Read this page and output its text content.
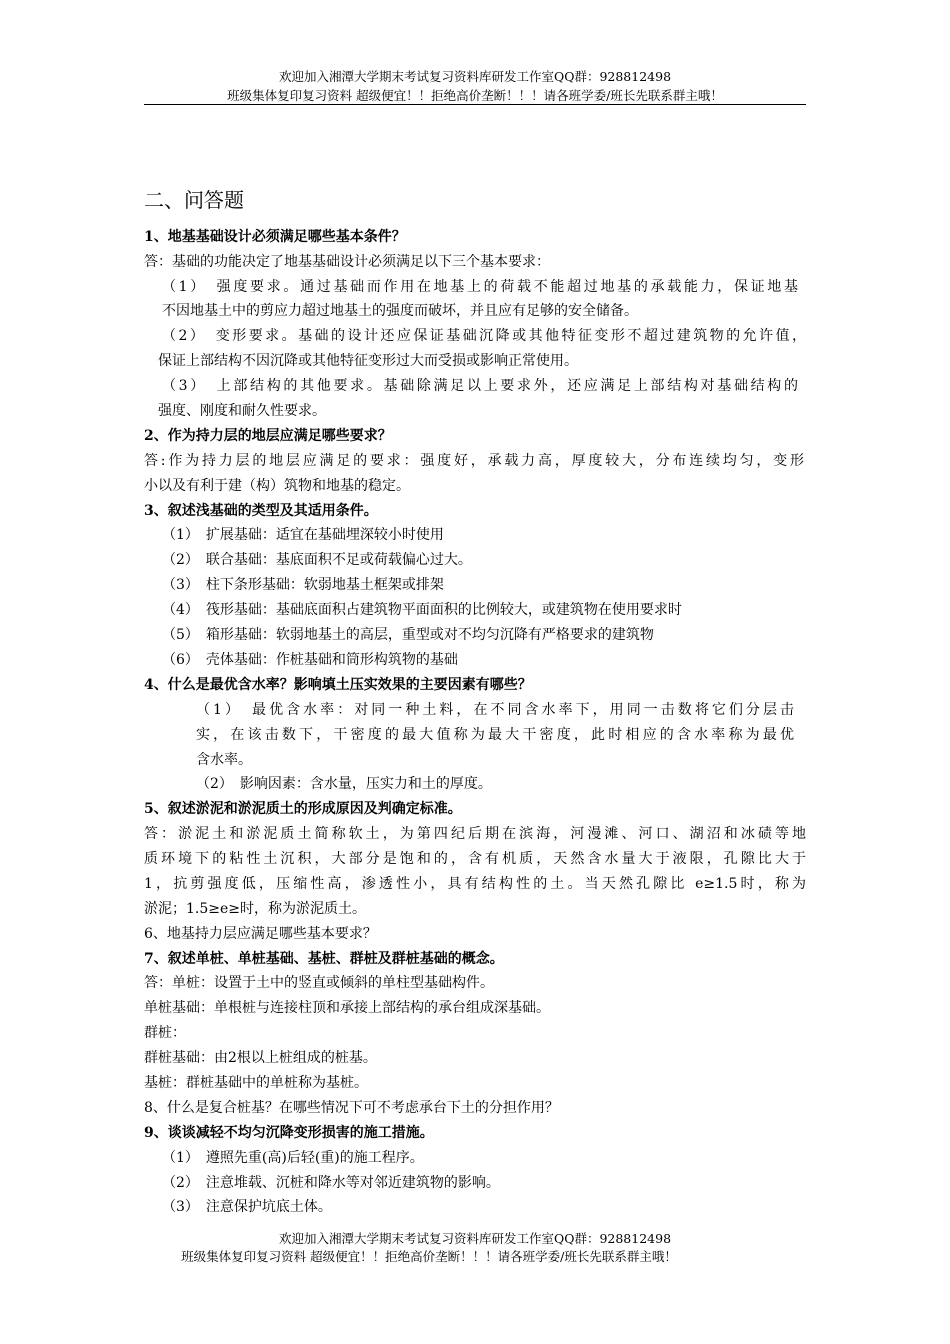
欢迎加入湘潭大学期末考试复习资料库研发工作室QQ群：928812498
班级集体复印复习资料 超级便宜！！拒绝高价垄断！！！请各班学委/班长先联系群主哦！
二、问答题
1、地基基础设计必须满足哪些基本条件？
答：基础的功能决定了地基基础设计必须满足以下三个基本要求：
（1）　强度要求。通过基础而作用在地基上的荷载不能超过地基的承载能力，保证地基
不因地基土中的剪应力超过地基土的强度而破坏，并且应有足够的安全储备。
（2）　变形要求。基础的设计还应保证基础沉降或其他特征变形不超过建筑物的允许值，
保证上部结构不因沉降或其他特征变形过大而受损或影响正常使用。
（3）　上部结构的其他要求。基础除满足以上要求外，还应满足上部结构对基础结构的
强度、刚度和耐久性要求。
2、作为持力层的地层应满足哪些要求？
答:作为持力层的地层应满足的要求：强度好，承载力高，厚度较大，分布连续均匀，变形
小以及有利于建（构）筑物和地基的稳定。
3、叙述浅基础的类型及其适用条件。
（1）　扩展基础：适宜在基础埋深较小时使用
（2）　联合基础：基底面积不足或荷载偏心过大。
（3）　柱下条形基础：软弱地基土框架或排架
（4）　筏形基础：基础底面积占建筑物平面面积的比例较大，或建筑物在使用要求时
（5）　箱形基础：软弱地基土的高层，重型或对不均匀沉降有严格要求的建筑物
（6）　壳体基础：作桩基础和筒形构筑物的基础
4、什么是最优含水率？影响填土压实效果的主要因素有哪些？
（1）　最优含水率：对同一种土料，在不同含水率下，用同一击数将它们分层击
实，在该击数下，干密度的最大值称为最大干密度，此时相应的含水率称为最优
含水率。
（2）　影响因素：含水量，压实力和土的厚度。
5、叙述淤泥和淤泥质土的形成原因及判确定标准。
答：淤泥土和淤泥质土简称软土，为第四纪后期在滨海，河漫滩、河口、湖沼和冰碛等地
质环境下的粘性土沉积，大部分是饱和的，含有机质，天然含水量大于液限，孔隙比大于
1，抗剪强度低，压缩性高，渗透性小，具有结构性的土。当天然孔隙比 e≥1.5时，称为
淤泥；1.5≥e≥时，称为淤泥质土。
6、地基持力层应满足哪些基本要求？
7、叙述单桩、单桩基础、基桩、群桩及群桩基础的概念。
答：单桩：设置于土中的竖直或倾斜的单柱型基础构件。
单桩基础：单根桩与连接柱顶和承接上部结构的承台组成深基础。
群桩：
群桩基础：由2根以上桩组成的桩基。
基桩：群桩基础中的单桩称为基桩。
8、什么是复合桩基？在哪些情况下可不考虑承台下土的分担作用？
9、谈谈减轻不均匀沉降变形损害的施工措施。
（1）　遵照先重(高)后轻(重)的施工程序。
（2）　注意堆载、沉桩和降水等对邻近建筑物的影响。
（3）　注意保护坑底土体。
欢迎加入湘潭大学期末考试复习资料库研发工作室QQ群：928812498
班级集体复印复习资料 超级便宜！！拒绝高价垄断！！！请各班学委/班长先联系群主哦！
